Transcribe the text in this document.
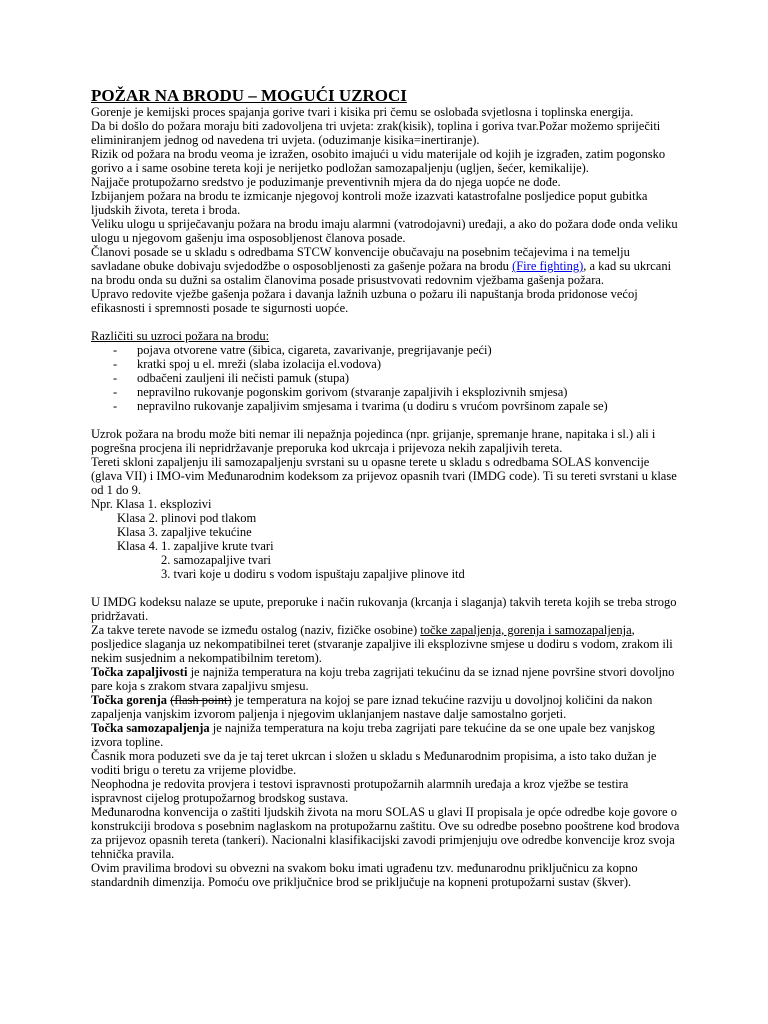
POŽAR NA BRODU – MOGUĆI UZROCI

Gorenje je kemijski proces spajanja gorive tvari i kisika pri čemu se oslobađa svjetlosna i toplinska energija.

Da bi došlo do požara moraju biti zadovoljena tri uvjeta: zrak(kisik), toplina i goriva tvar.Požar možemo spriječiti eliminiranjem jednog od navedena tri uvjeta. (oduzimanje kisika=inertiranje).

Rizik od požara na brodu veoma je izražen, osobito imajući u vidu materijale od kojih je izgrađen, zatim pogonsko gorivo a i same osobine tereta koji je nerijetko podložan samozapaljenju (ugljen, šećer, kemikalije).

Najjače protupožarno sredstvo je poduzimanje preventivnih mjera da do njega uopće ne dođe.

Izbijanjem požara na brodu te izmicanje njegovoj kontroli može izazvati katastrofalne posljedice poput gubitka ljudskih života, tereta i broda.

Veliku ulogu u spriječavanju požara na brodu imaju alarmni (vatrodojavni) uređaji, a ako do požara dođe onda veliku ulogu u njegovom gašenju ima osposobljenost članova posade.

Članovi posade se u skladu s odredbama STCW konvencije obučavaju na posebnim tečajevima i na temelju savladane obuke dobivaju svjedodžbe o osposobljenosti za gašenje požara na brodu (Fire fighting), a kad su ukrcani na brodu onda su dužni sa ostalim članovima posade prisustvovati redovnim vježbama gašenja požara.

Upravo redovite vježbe gašenja požara i davanja lažnih uzbuna o požaru ili napuštanja broda pridonose većoj efikasnosti i spremnosti posade te sigurnosti uopće.

Različiti su uzroci požara na brodu:

- pojava otvorene vatre (šibica, cigareta, zavarivanje, pregrijavanje peći)
- kratki spoj u el. mreži (slaba izolacija el.vodova)
- odbačeni zauljeni ili nečisti pamuk (stupa)
- nepravilno rukovanje pogonskim gorivom (stvaranje zapaljivih i eksplozivnih smjesa)
- nepravilno rukovanje zapaljivim smjesama i tvarima (u dodiru s vrućom površinom zapale se)

Uzrok požara na brodu može biti nemar ili nepažnja pojedinca (npr. grijanje, spremanje hrane, napitaka i sl.) ali i pogrešna procjena ili nepridržavanje preporuka kod ukrcaja i prijevoza nekih zapaljivih tereta.

Tereti skloni zapaljenju ili samozapaljenju svrstani su u opasne terete u skladu s odredbama SOLAS konvencije (glava VII) i IMO-vim Međunarodnim kodeksom za prijevoz opasnih tvari (IMDG code). Ti su tereti svrstani u klase od 1 do 9.

Npr. Klasa 1. eksplozivi

Klasa 2. plinovi pod tlakom

Klasa 3. zapaljive tekućine

Klasa 4. 1. zapaljive krute tvari

2. samozapaljive tvari

3. tvari koje u dodiru s vodom ispuštaju zapaljive plinove itd

U IMDG kodeksu nalaze se upute, preporuke i način rukovanja (krcanja i slaganja) takvih tereta kojih se treba strogo pridržavati.

Za takve terete navode se između ostalog (naziv, fizičke osobine) točke zapaljenja, gorenja i samozapaljenja, posljedice slaganja uz nekompatibilnei teret (stvaranje zapaljive ili eksplozivne smjese u dodiru s vodom, zrakom ili nekim susjednim a nekompatibilnim teretom).

Točka zapaljivosti je najniža temperatura na koju treba zagrijati tekućinu da se iznad njene površine stvori dovoljno pare koja s zrakom stvara zapaljivu smjesu.

Točka gorenja (flash point) je temperatura na kojoj se pare iznad tekućine razviju u dovoljnoj količini da nakon zapaljenja vanjskim izvorom paljenja i njegovim uklanjanjem nastave dalje samostalno gorjeti.

Točka samozapaljenja je najniža temperatura na koju treba zagrijati pare tekućine da se one upale bez vanjskog izvora topline.

Časnik mora poduzeti sve da je taj teret ukrcan i složen u skladu s Međunarodnim propisima, a isto tako dužan je voditi brigu o teretu za vrijeme plovidbe.

Neophodna je redovita provjera i testovi ispravnosti protupožarnih alarmnih uređaja a kroz vježbe se testira ispravnost cijelog protupožarnog brodskog sustava.

Međunarodna konvencija o zaštiti ljudskih života na moru SOLAS u glavi II propisala je opće odredbe koje govore o konstrukciji brodova s posebnim naglaskom na protupožarnu zaštitu. Ove su odredbe posebno pooštrene kod brodova za prijevoz opasnih tereta (tankeri). Nacionalni klasifikacijski zavodi primjenjuju ove odredbe konvencije kroz svoja tehnička pravila.

Ovim pravilima brodovi su obvezni na svakom boku imati ugrađenu tzv. međunarodnu priključnicu za kopno standardnih dimenzija. Pomoću ove priključnice brod se priključuje na kopneni protupožarni sustav (škver).
